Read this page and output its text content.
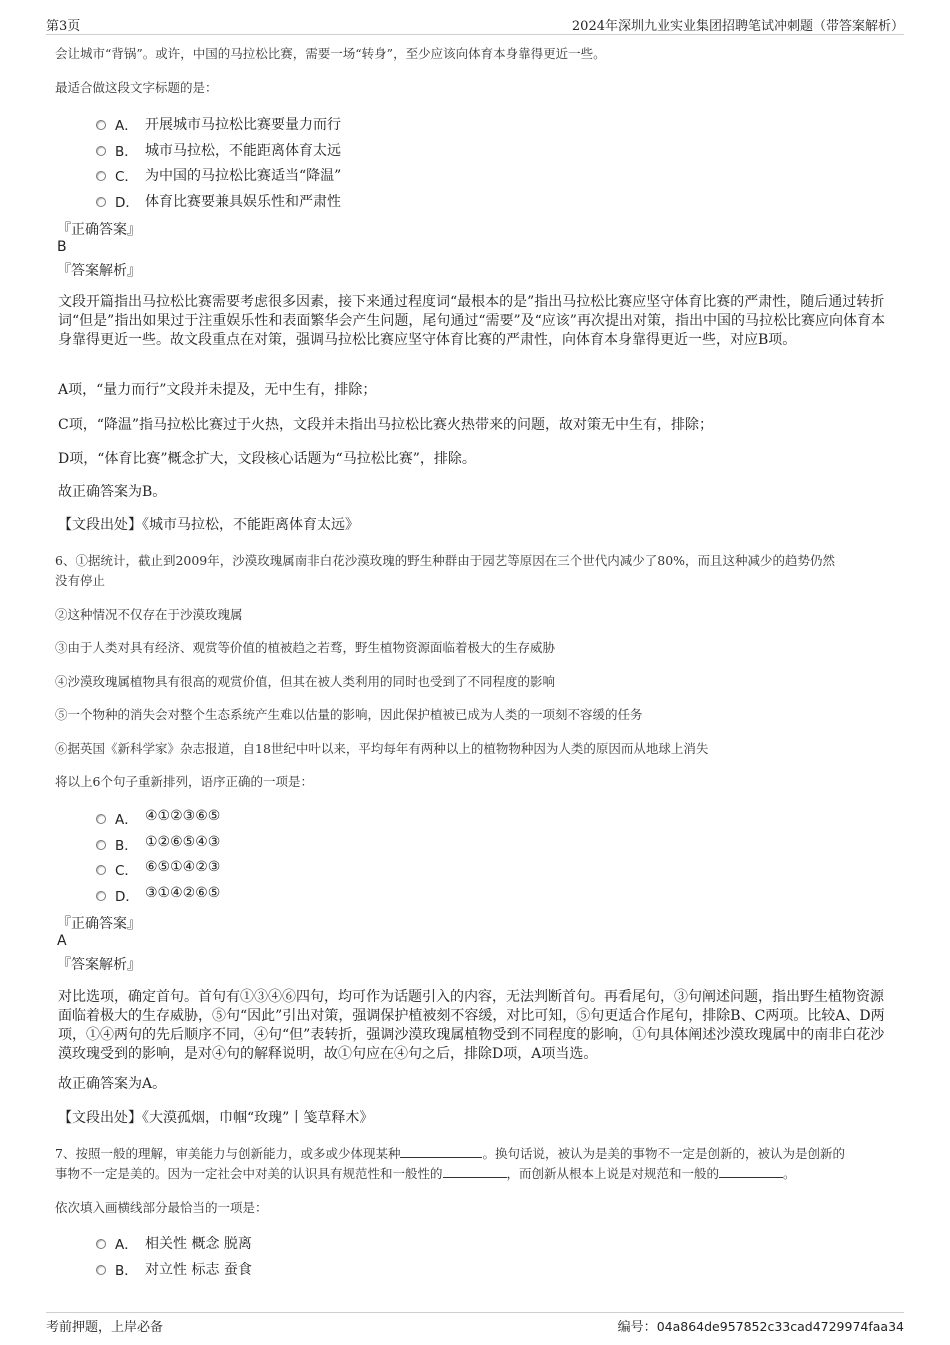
第3页	2024年深圳九业实业集团招聘笔试冲刺题（带答案解析）

会让城市“背锅”。或许，中国的马拉松比赛，需要一场“转身”，至少应该向体育本身靠得更近一些。

最适合做这段文字标题的是：

A． 开展城市马拉松比赛要量力而行
B． 城市马拉松，不能距离体育太远
C． 为中国的马拉松比赛适当“降温”
D． 体育比赛要兼具娱乐性和严肃性

『正确答案』

B

『答案解析』

文段开篇指出马拉松比赛需要考虑很多因素，接下来通过程度词“最根本的是”指出马拉松比赛应坚守体育比赛的严肃性，随后通过转折词“但是”指出如果过于注重娱乐性和表面繁华会产生问题，尾句通过“需要”及“应该”再次提出对策，指出中国的马拉松比赛应向体育本身靠得更近一些。故文段重点在对策，强调马拉松比赛应坚守体育比赛的严肃性，向体育本身靠得更近一些，对应B项。

A项，“量力而行”文段并未提及，无中生有，排除；

C项，“降温”指马拉松比赛过于火热，文段并未指出马拉松比赛火热带来的问题，故对策无中生有，排除；

D项，“体育比赛”概念扩大，文段核心话题为“马拉松比赛”，排除。

故正确答案为B。

【文段出处】《城市马拉松，不能距离体育太远》

6、①据统计，截止到2009年，沙漠玫瑰属南非白花沙漠玫瑰的野生种群由于园艺等原因在三个世代内减少了80%，而且这种减少的趋势仍然

没有停止

②这种情况不仅存在于沙漠玫瑰属

③由于人类对具有经济、观赏等价值的植被趋之若骛，野生植物资源面临着极大的生存威胁

④沙漠玫瑰属植物具有很高的观赏价值，但其在被人类利用的同时也受到了不同程度的影响

⑤一个物种的消失会对整个生态系统产生难以估量的影响，因此保护植被已成为人类的一项刻不容缓的任务

⑥据英国《新科学家》杂志报道，自18世纪中叶以来，平均每年有两种以上的植物物种因为人类的原因而从地球上消失

将以上6个句子重新排列，语序正确的一项是：

A． ④①②③⑥⑤
B． ①②⑥⑤④③
C． ⑥⑤①④②③
D． ③①④②⑥⑤

『正确答案』

A

『答案解析』

对比选项，确定首句。首句有①③④⑥四句，均可作为话题引入的内容，无法判断首句。再看尾句，③句阐述问题，指出野生植物资源面临着极大的生存威胁，⑤句“因此”引出对策，强调保护植被刻不容缓，对比可知，⑤句更适合作尾句，排除B、C两项。比较A、D两项，①④两句的先后顺序不同，④句“但”表转折，强调沙漠玫瑰属植物受到不同程度的影响，①句具体阐述沙漠玫瑰属中的南非白花沙漠玫瑰受到的影响，是对④句的解释说明，故①句应在④句之后，排除D项，A项当选。

故正确答案为A。

【文段出处】《大漠孤烟，巾帼“玫瑰”丨笺草释木》

7、按照一般的理解，审美能力与创新能力，或多或少体现某种	。换句话说，被认为是美的事物不一定是创新的，被认为是创新的

事物不一定是美的。因为一定社会中对美的认识具有规范性和一般性的	，而创新从根本上说是对规范和一般的	。

依次填入画横线部分最恰当的一项是：

A． 相关性 概念 脱离
B． 对立性 标志 蚕食
考前押题，上岸必备	编号：04a864de957852c33cad4729974faa34
